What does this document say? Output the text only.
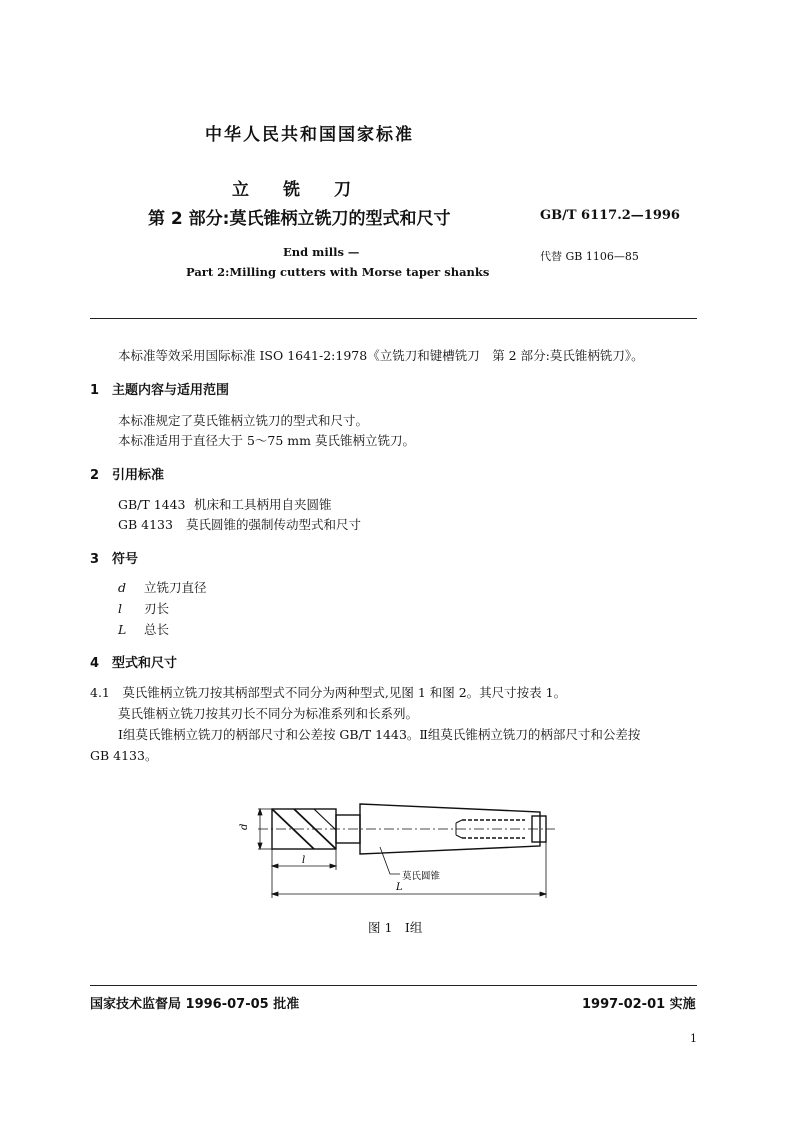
中华人民共和国国家标准
立　　铣　　刀
第 2 部分:莫氏锥柄立铣刀的型式和尺寸	GB/T 6117.2—1996
End mills —	代替 GB 1106—85
Part 2:Milling cutters with Morse taper shanks
本标准等效采用国际标准 ISO 1641-2:1978《立铣刀和键槽铣刀　第 2 部分:莫氏锥柄铣刀》。
1　主题内容与适用范围
本标准规定了莫氏锥柄立铣刀的型式和尺寸。
本标准适用于直径大于 5～75 mm 莫氏锥柄立铣刀。
2　引用标准
GB/T 1443 机床和工具柄用自夹圆锥
GB 4133 莫氏圆锥的强制传动型式和尺寸
3　符号
d 立铣刀直径
l 刃长
L 总长
4　型式和尺寸
4.1　莫氏锥柄立铣刀按其柄部型式不同分为两种型式,见图 1 和图 2。其尺寸按表 1。
莫氏锥柄立铣刀按其刃长不同分为标准系列和长系列。
Ⅰ组莫氏锥柄立铣刀的柄部尺寸和公差按 GB/T 1443。Ⅱ组莫氏锥柄立铣刀的柄部尺寸和公差按
GB 4133。
d
l
L
莫氏圆锥
图 1　Ⅰ组
国家技术监督局 1996-07-05 批准	1997-02-01 实施
1
